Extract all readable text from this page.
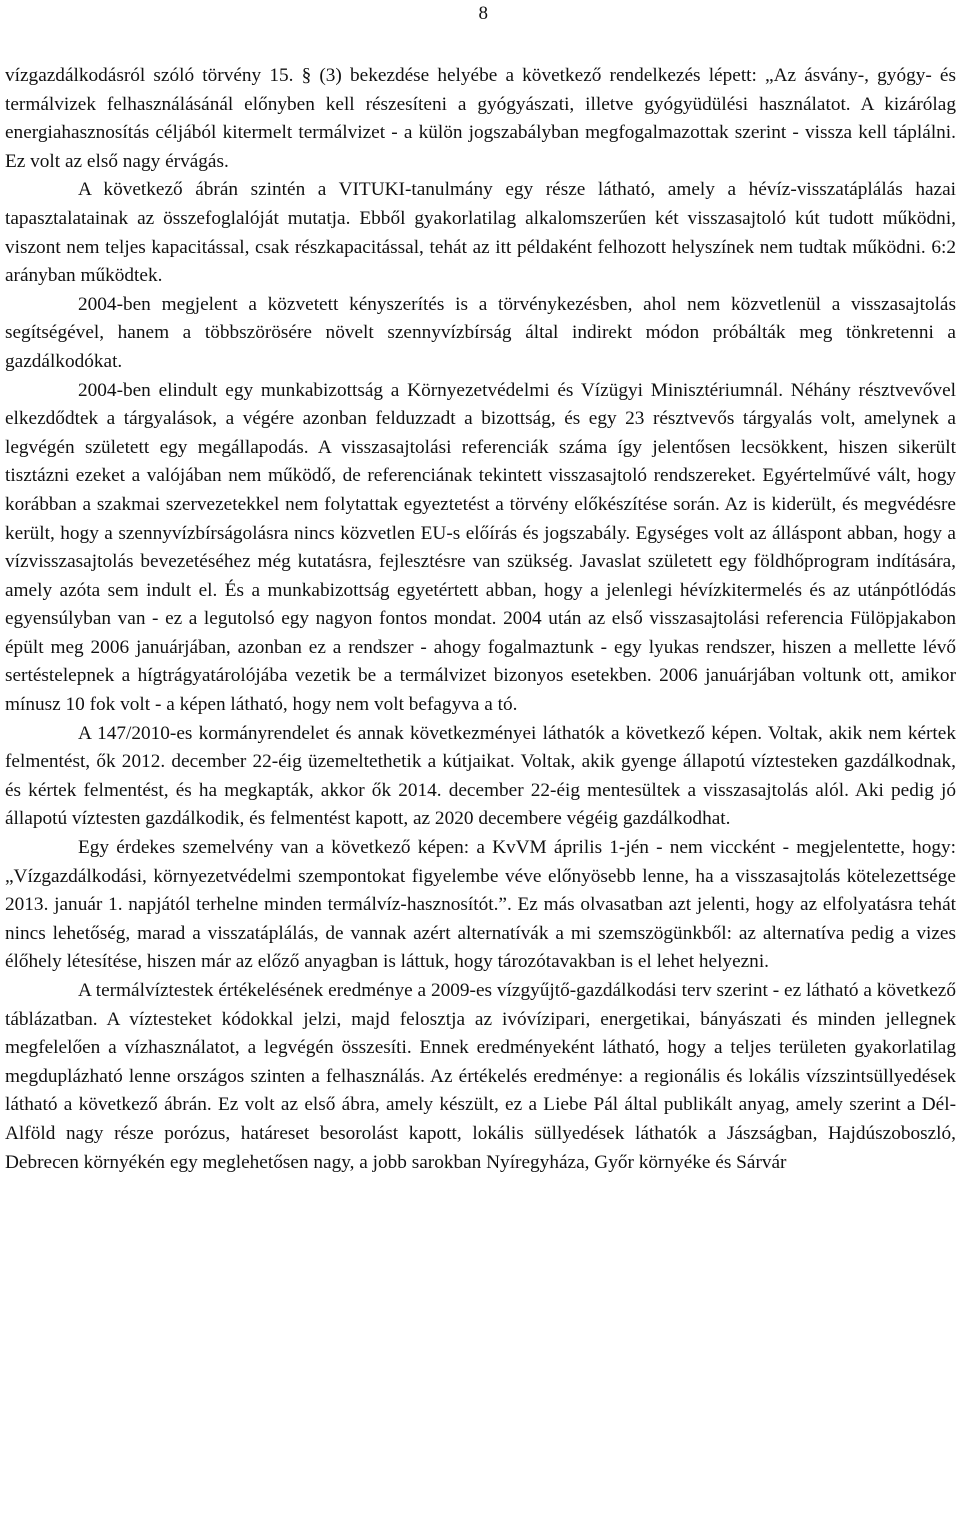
8

vízgazdálkodásról szóló törvény 15. § (3) bekezdése helyébe a következő rendelkezés lépett: „Az ásvány-, gyógy- és termálvizek felhasználásánál előnyben kell részesíteni a gyógyászati, illetve gyógyüdülési használatot. A kizárólag energiahasznosítás céljából kitermelt termálvizet - a külön jogszabályban megfogalmazottak szerint - vissza kell táplálni. Ez volt az első nagy érvágás.

A következő ábrán szintén a VITUKI-tanulmány egy része látható, amely a hévíz-visszatáplálás hazai tapasztalatainak az összefoglalóját mutatja. Ebből gyakorlatilag alkalomszerűen két visszasajtoló kút tudott működni, viszont nem teljes kapacitással, csak részkapacitással, tehát az itt példaként felhozott helyszínek nem tudtak működni. 6:2 arányban működtek.

2004-ben megjelent a közvetett kényszerítés is a törvénykezésben, ahol nem közvetlenül a visszasajtolás segítségével, hanem a többszörösére növelt szennyvízbírság által indirekt módon próbálták meg tönkretenni a gazdálkodókat.

2004-ben elindult egy munkabizottság a Környezetvédelmi és Vízügyi Minisztériumnál. Néhány résztvevővel elkezdődtek a tárgyalások, a végére azonban felduzzadt a bizottság, és egy 23 résztvevős tárgyalás volt, amelynek a legvégén született egy megállapodás. A visszasajtolási referenciák száma így jelentősen lecsökkent, hiszen sikerült tisztázni ezeket a valójában nem működő, de referenciának tekintett visszasajtoló rendszereket. Egyértelművé vált, hogy korábban a szakmai szervezetekkel nem folytattak egyeztetést a törvény előkészítése során. Az is kiderült, és megvédésre került, hogy a szennyvízbírságolásra nincs közvetlen EU-s előírás és jogszabály. Egységes volt az álláspont abban, hogy a vízvisszasajtolás bevezetéséhez még kutatásra, fejlesztésre van szükség. Javaslat született egy földhőprogram indítására, amely azóta sem indult el. És a munkabizottság egyetértett abban, hogy a jelenlegi hévízkitermelés és az utánpótlódás egyensúlyban van - ez a legutolsó egy nagyon fontos mondat. 2004 után az első visszasajtolási referencia Fülöpjakabon épült meg 2006 januárjában, azonban ez a rendszer - ahogy fogalmaztunk - egy lyukas rendszer, hiszen a mellette lévő sertéstelepnek a hígtrágyatárolójába vezetik be a termálvizet bizonyos esetekben. 2006 januárjában voltunk ott, amikor mínusz 10 fok volt - a képen látható, hogy nem volt befagyva a tó.

A 147/2010-es kormányrendelet és annak következményei láthatók a következő képen. Voltak, akik nem kértek felmentést, ők 2012. december 22-éig üzemeltethetik a kútjaikat. Voltak, akik gyenge állapotú víztesteken gazdálkodnak, és kértek felmentést, és ha megkapták, akkor ők 2014. december 22-éig mentesültek a visszasajtolás alól. Aki pedig jó állapotú víztesten gazdálkodik, és felmentést kapott, az 2020 decembere végéig gazdálkodhat.

Egy érdekes szemelvény van a következő képen: a KvVM április 1-jén - nem viccként - megjelentette, hogy: „Vízgazdálkodási, környezetvédelmi szempontokat figyelembe véve előnyösebb lenne, ha a visszasajtolás kötelezettsége 2013. január 1. napjától terhelne minden termálvíz-hasznosítót.”. Ez más olvasatban azt jelenti, hogy az elfolyatásra tehát nincs lehetőség, marad a visszatáplálás, de vannak azért alternatívák a mi szemszögünkből: az alternatíva pedig a vizes élőhely létesítése, hiszen már az előző anyagban is láttuk, hogy tározótavakban is el lehet helyezni.

A termálvíztestek értékelésének eredménye a 2009-es vízgyűjtő-gazdálkodási terv szerint - ez látható a következő táblázatban. A víztesteket kódokkal jelzi, majd felosztja az ivóvízipari, energetikai, bányászati és minden jellegnek megfelelően a vízhasználatot, a legvégén összesíti. Ennek eredményeként látható, hogy a teljes területen gyakorlatilag megduplázható lenne országos szinten a felhasználás. Az értékelés eredménye: a regionális és lokális vízszintsüllyedések látható a következő ábrán. Ez volt az első ábra, amely készült, ez a Liebe Pál által publikált anyag, amely szerint a Dél-Alföld nagy része porózus, határeset besorolást kapott, lokális süllyedések láthatók a Jászságban, Hajdúszoboszló, Debrecen környékén egy meglehetősen nagy, a jobb sarokban Nyíregyháza, Győr környéke és Sárvár
